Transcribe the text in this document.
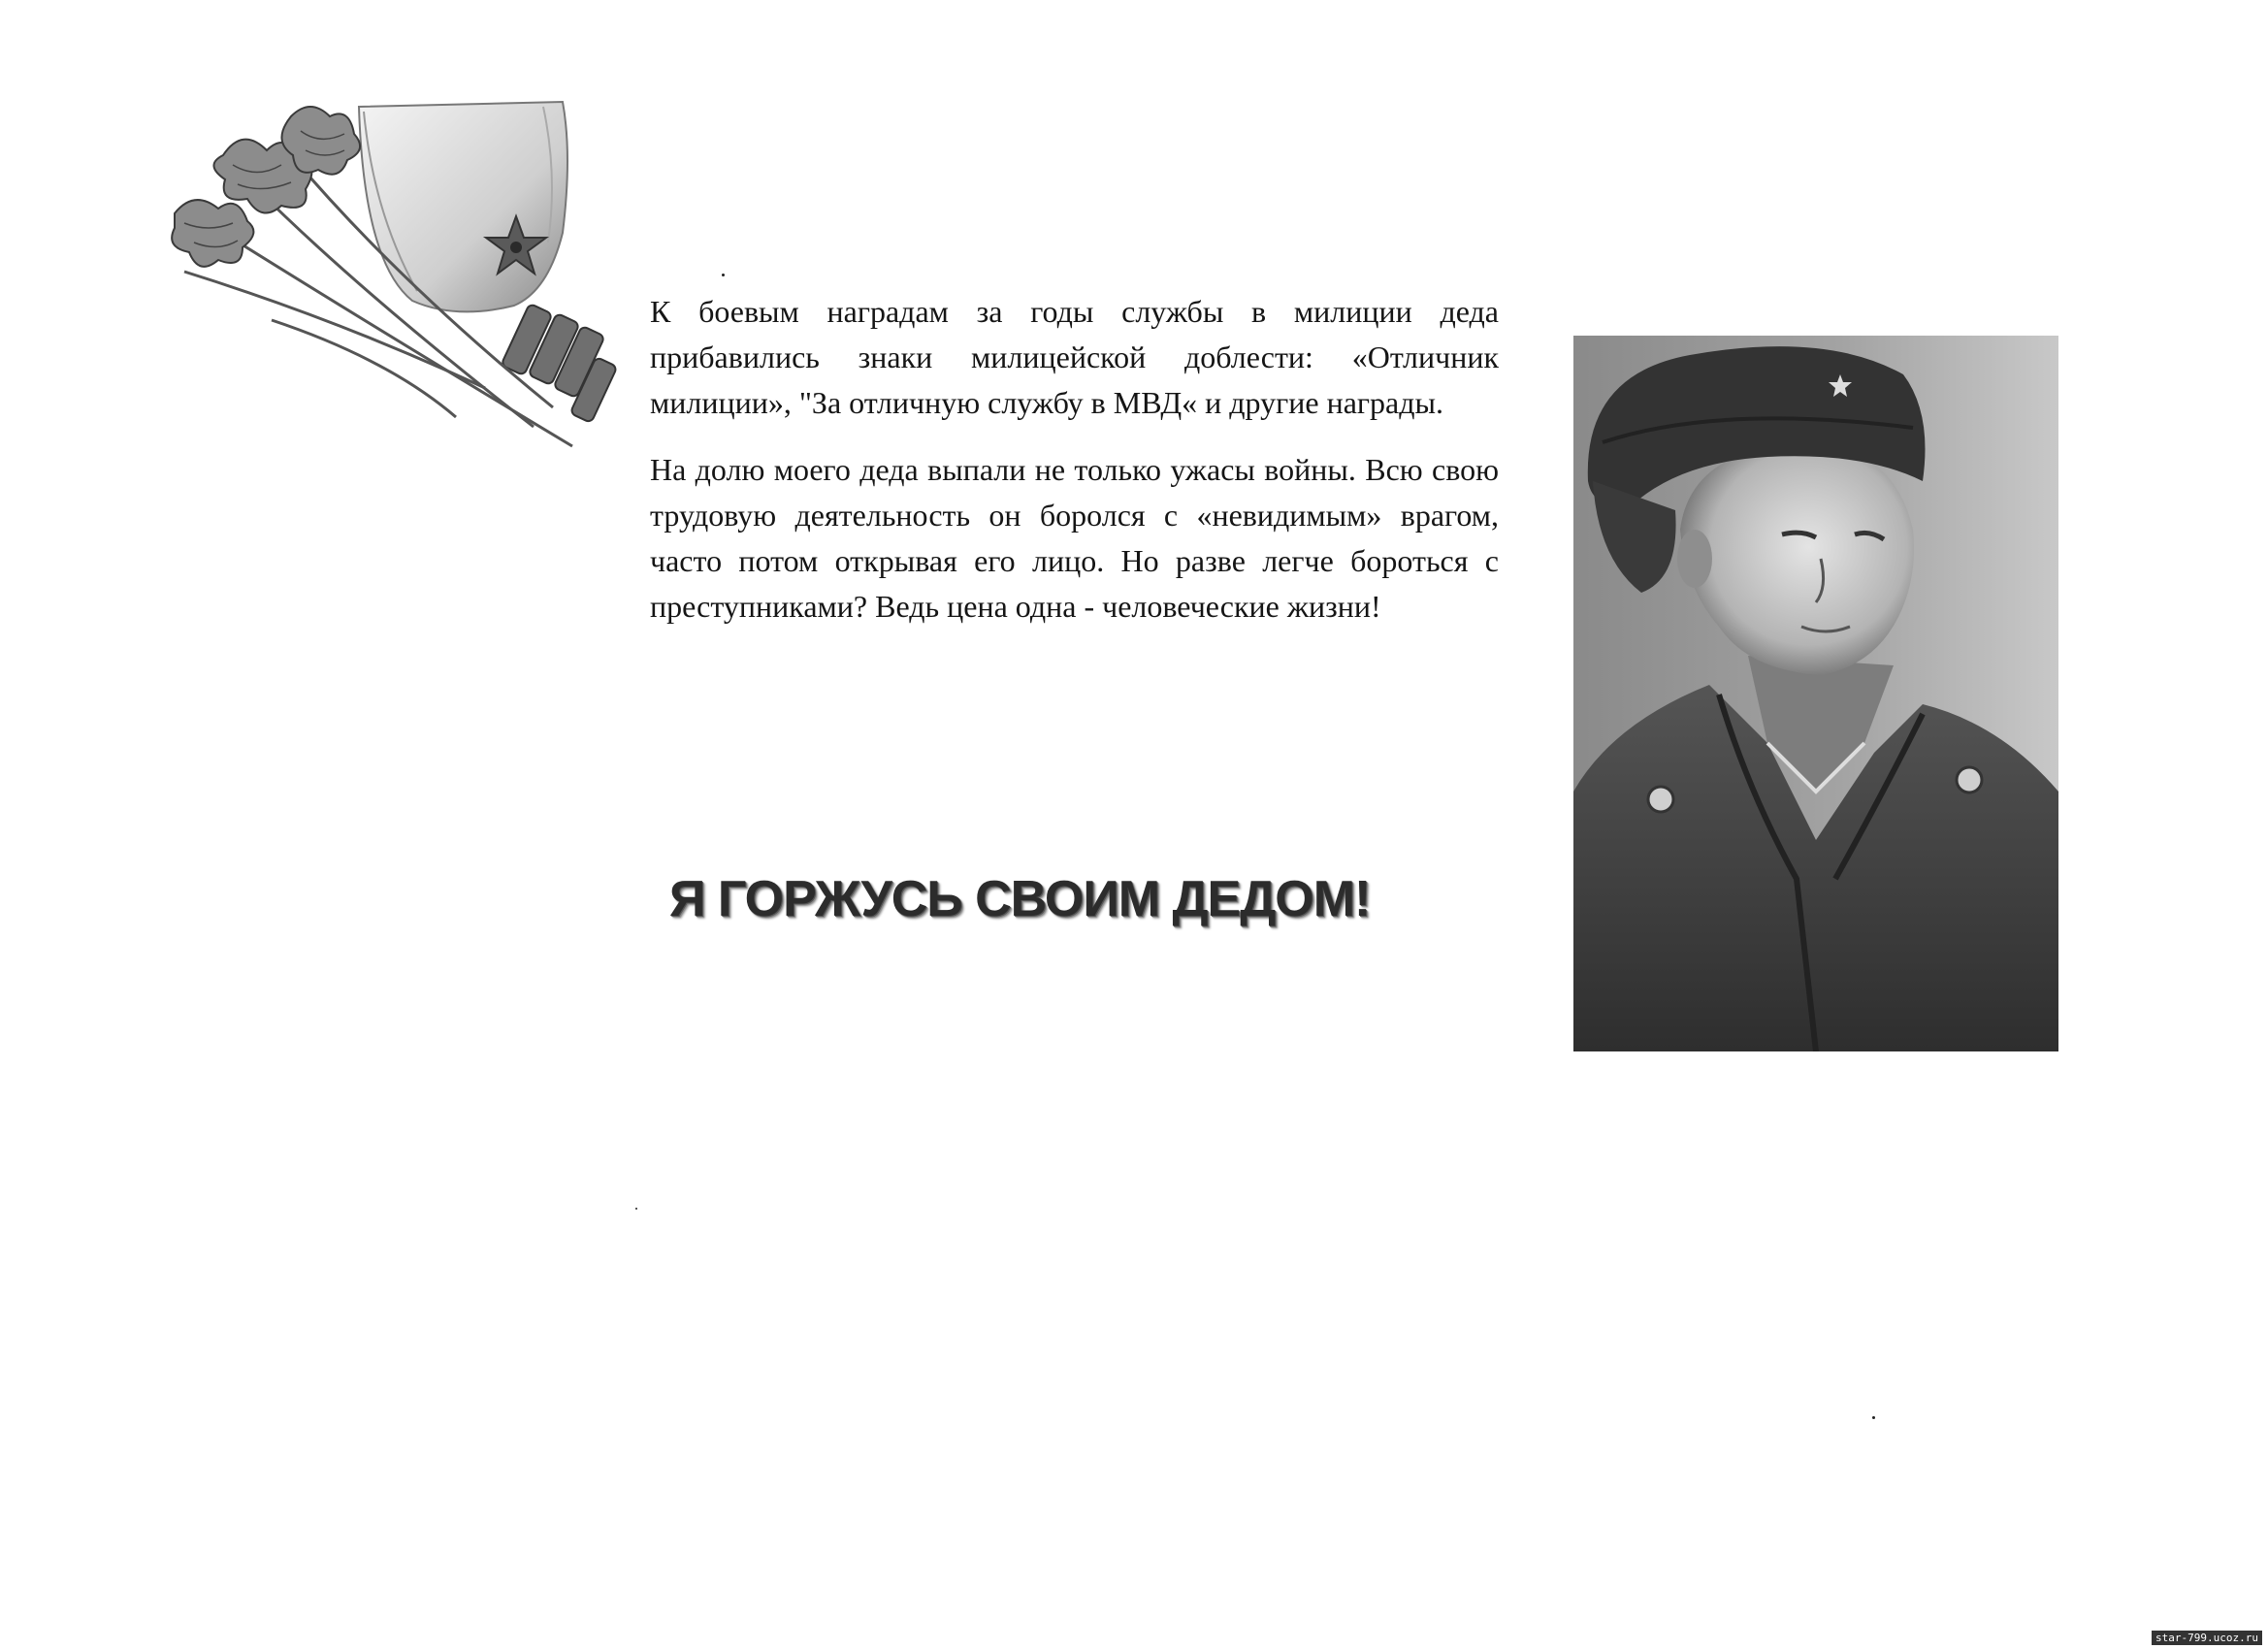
К боевым наградам за годы службы в милиции деда прибавились знаки милицейской доблести: «Отличник милиции», "За отличную службу в МВД« и другие награды.

На долю моего деда выпали не только ужасы войны. Всю свою трудовую деятельность он боролся с «невидимым» врагом, часто потом открывая его лицо. Но разве легче бороться с преступниками? Ведь цена одна - человеческие жизни!

Я ГОРЖУСЬ СВОИМ ДЕДОМ!
star-799.ucoz.ru
